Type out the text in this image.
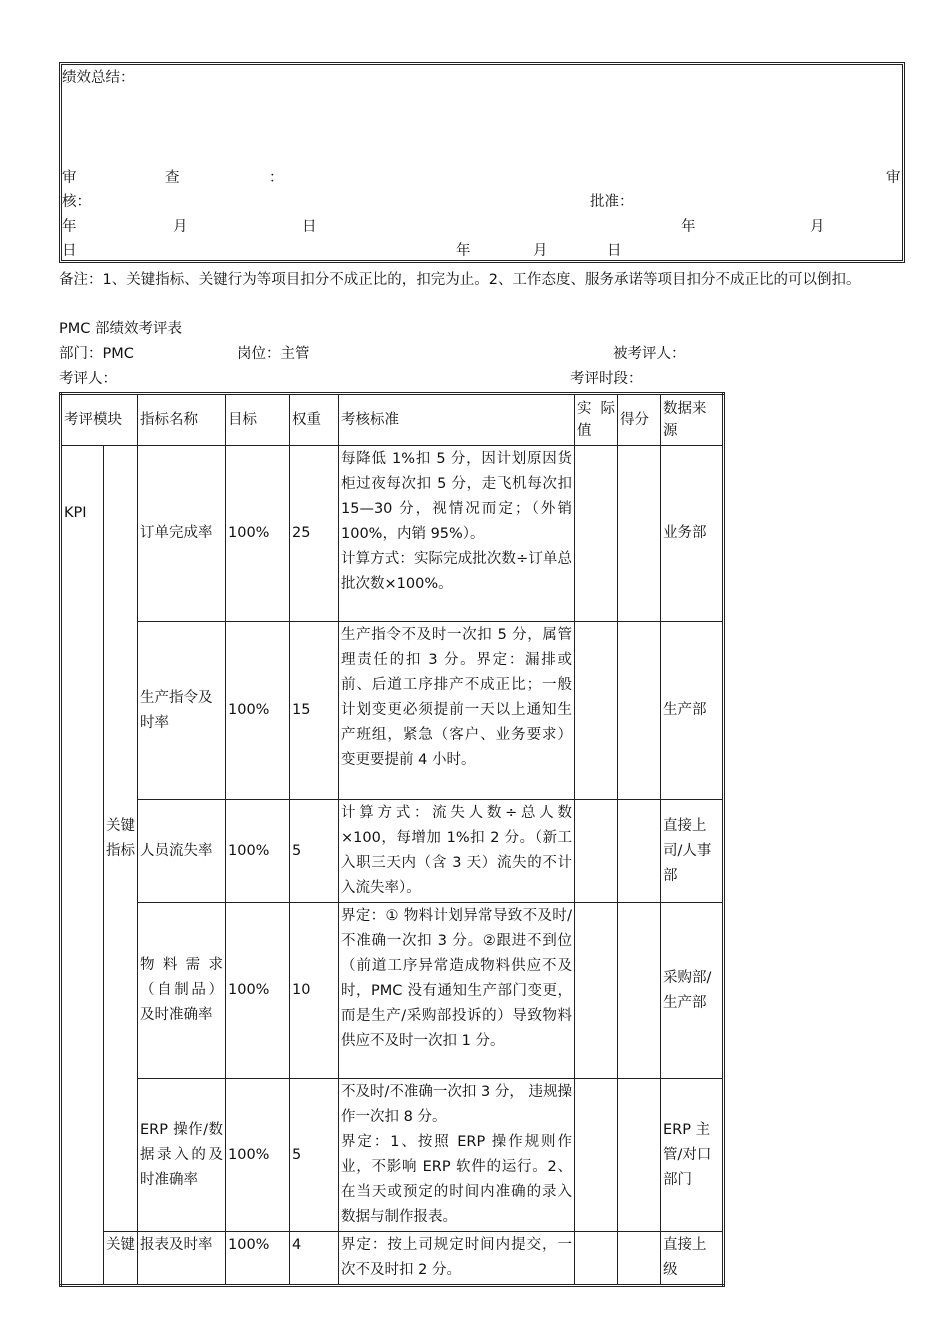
绩效总结：
审	查	：	审
核：	批准：
年	月	日	年	月
日	年	月	日
备注：1、关键指标、关键行为等项目扣分不成正比的，扣完为止。2、工作态度、服务承诺等项目扣分不成正比的可以倒扣。
PMC 部绩效考评表
部门：PMC	岗位：主管	被考评人：
考评人：	考评时段：
考评模块		指标名称	目标	权重	考核标准	实际值	得分	数据来源
KPI	关键指标	订单完成率	100%	25	每降低 1%扣 5 分，因计划原因货柜过夜每次扣 5 分，走飞机每次扣 15—30 分，视情况而定；（外销 100%，内销 95%）。
计算方式：实际完成批次数÷订单总批次数×100%。			业务部
		生产指令及时率	100%	15	生产指令不及时一次扣 5 分，属管理责任的扣 3 分。界定：漏排或前、后道工序排产不成正比；一般计划变更必须提前一天以上通知生产班组，紧急（客户、业务要求）变更要提前 4 小时。			生产部
		人员流失率	100%	5	计算方式：流失人数÷总人数×100，每增加 1%扣 2 分。（新工入职三天内（含 3 天）流失的不计入流失率）。			直接上司/人事部
		物料需求（自制品）及时准确率	100%	10	界定：① 物料计划异常导致不及时/不准确一次扣 3 分。②跟进不到位（前道工序异常造成物料供应不及时，PMC 没有通知生产部门变更，而是生产/采购部投诉的）导致物料供应不及时一次扣 1 分。			采购部/生产部
		ERP 操作/数据录入的及时准确率	100%	5	不及时/不准确一次扣 3 分， 违规操作一次扣 8 分。
界定：1、按照 ERP 操作规则作业，不影响 ERP 软件的运行。2、在当天或预定的时间内准确的录入数据与制作报表。			ERP 主管/对口部门
	关键	报表及时率	100%	4	界定：按上司规定时间内提交，一次不及时扣 2 分。			直接上级
